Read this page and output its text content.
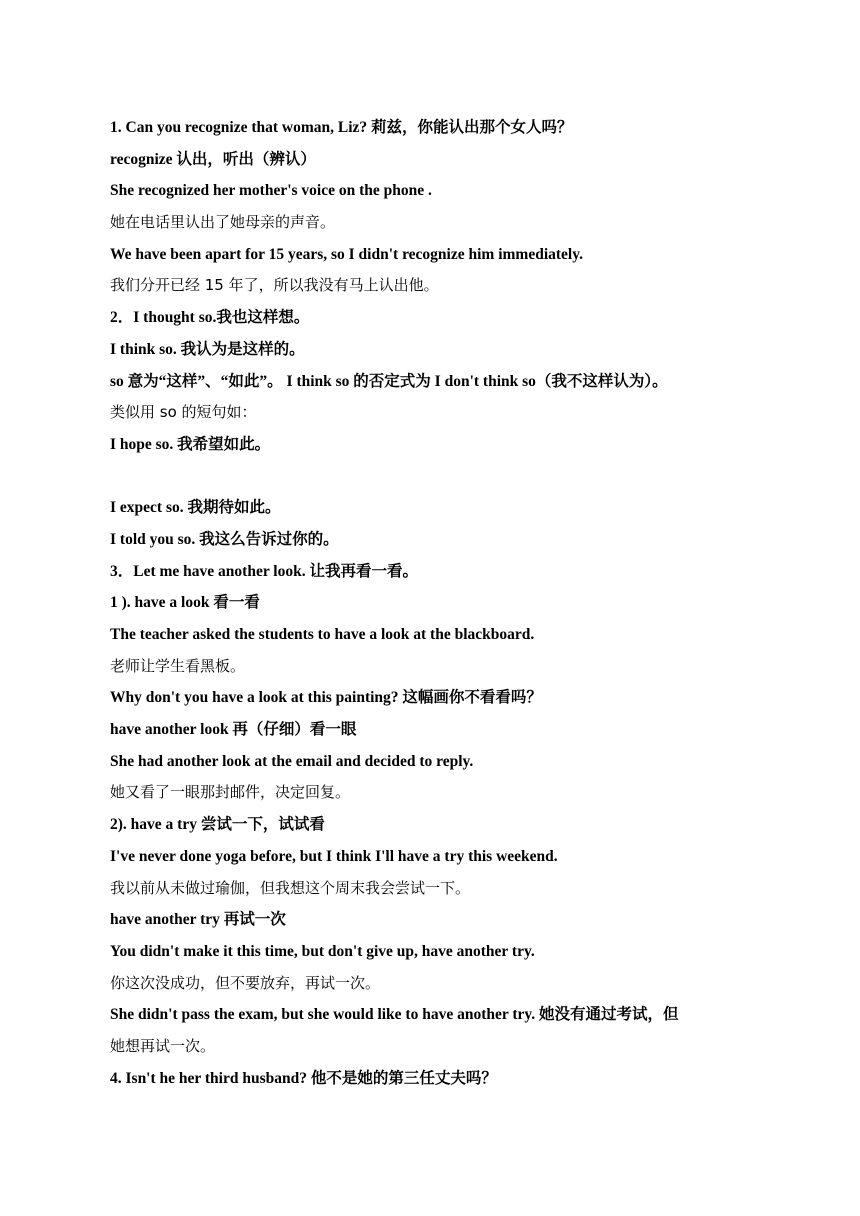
1. Can you recognize that woman, Liz? 莉兹，你能认出那个女人吗？
recognize 认出，听出（辨认）
She recognized her mother's voice on the phone .
她在电话里认出了她母亲的声音。
We have been apart for 15 years, so I didn't recognize him immediately.
我们分开已经 15 年了，所以我没有马上认出他。
2．I thought so.我也这样想。
I think so. 我认为是这样的。
so 意为“这样”、“如此”。 I think so 的否定式为 I don't think so（我不这样认为）。
类似用 so 的短句如：
I hope so. 我希望如此。
I expect so. 我期待如此。
I told you so. 我这么告诉过你的。
3．Let me have another look. 让我再看一看。
1 ). have a look 看一看
The teacher asked the students to have a look at the blackboard.
老师让学生看黑板。
Why don't you have a look at this painting? 这幅画你不看看吗？
have another look 再（仔细）看一眼
She had another look at the email and decided to reply.
她又看了一眼那封邮件，决定回复。
2). have a try 尝试一下，试试看
I've never done yoga before, but I think I'll have a try this weekend.
我以前从未做过瑜伽，但我想这个周末我会尝试一下。
have another try 再试一次
You didn't make it this time, but don't give up, have another try.
你这次没成功，但不要放弃，再试一次。
She didn't pass the exam, but she would like to have another try. 她没有通过考试，但
她想再试一次。
4. Isn't he her third husband? 他不是她的第三任丈夫吗？
